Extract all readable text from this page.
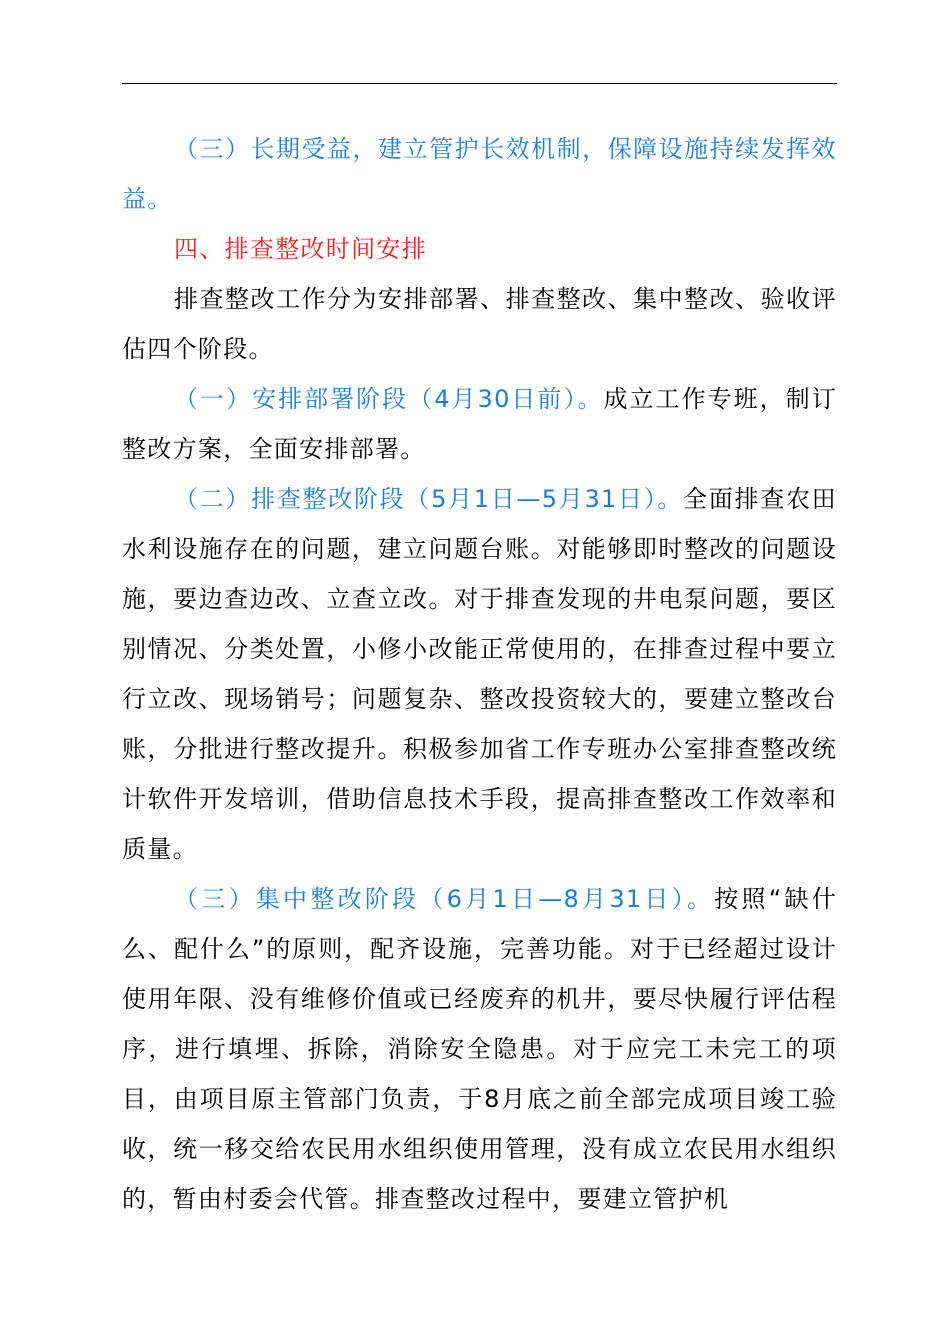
（三）长期受益，建立管护长效机制，保障设施持续发挥效益。

四、排查整改时间安排

排查整改工作分为安排部署、排查整改、集中整改、验收评估四个阶段。

（一）安排部署阶段（4月30日前）。成立工作专班，制订整改方案，全面安排部署。

（二）排查整改阶段（5月1日—5月31日）。全面排查农田水利设施存在的问题，建立问题台账。对能够即时整改的问题设施，要边查边改、立查立改。对于排查发现的井电泵问题，要区别情况、分类处置，小修小改能正常使用的，在排查过程中要立行立改、现场销号；问题复杂、整改投资较大的，要建立整改台账，分批进行整改提升。积极参加省工作专班办公室排查整改统计软件开发培训，借助信息技术手段，提高排查整改工作效率和质量。

（三）集中整改阶段（6月1日—8月31日）。按照“缺什么、配什么”的原则，配齐设施，完善功能。对于已经超过设计使用年限、没有维修价值或已经废弃的机井，要尽快履行评估程序，进行填埋、拆除，消除安全隐患。对于应完工未完工的项目，由项目原主管部门负责，于8月底之前全部完成项目竣工验收，统一移交给农民用水组织使用管理，没有成立农民用水组织的，暂由村委会代管。排查整改过程中，要建立管护机
